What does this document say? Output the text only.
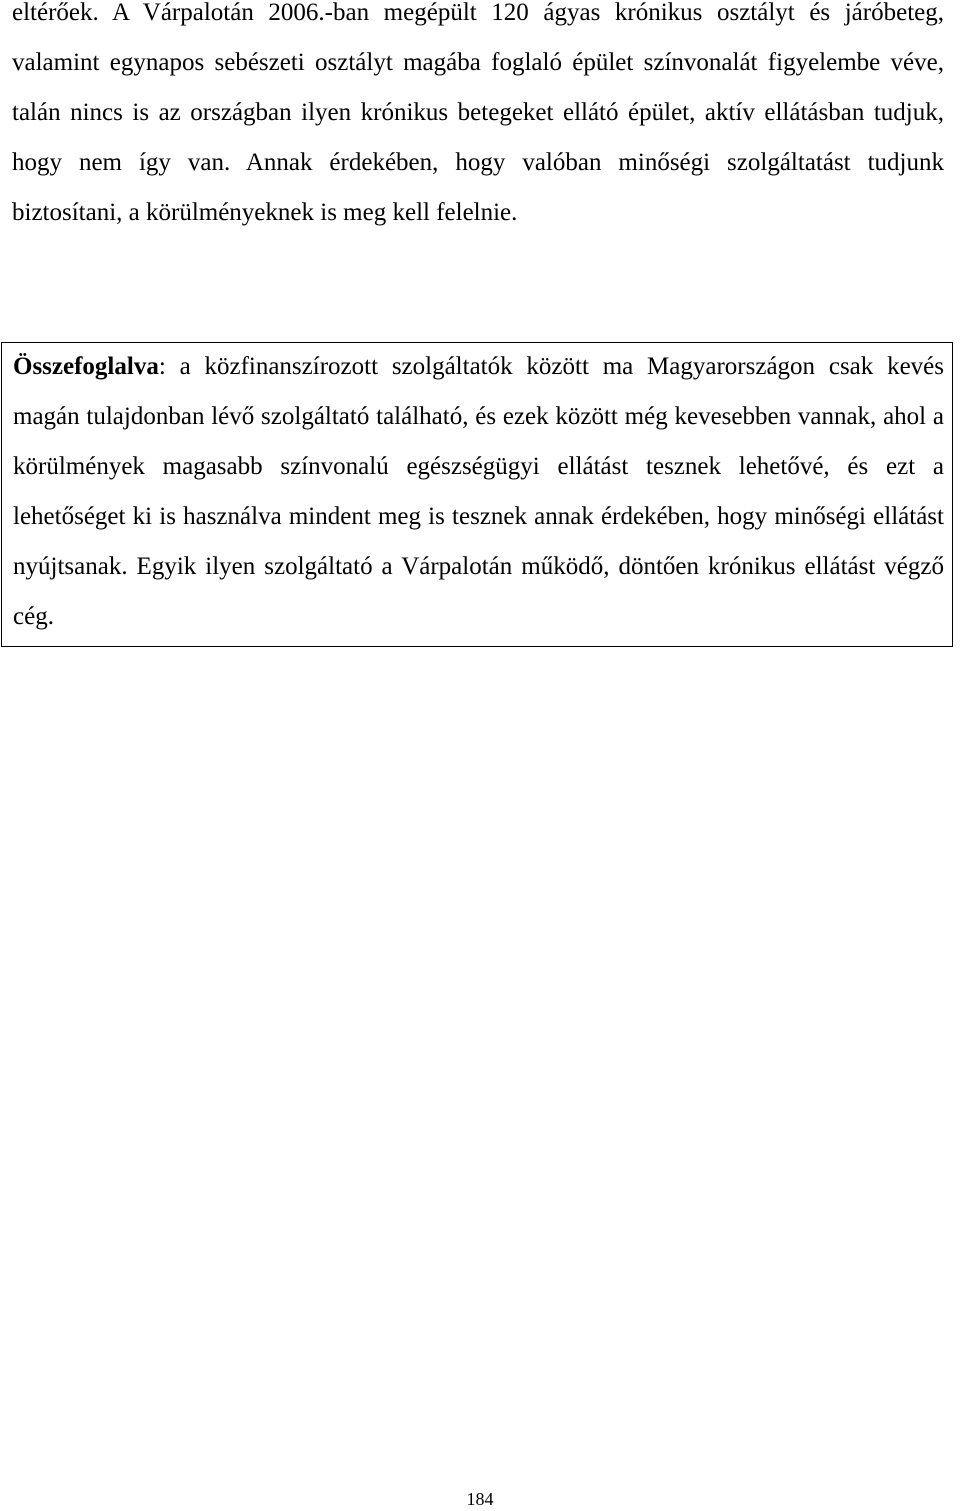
eltérőek. A Várpalotán 2006.-ban megépült 120 ágyas krónikus osztályt és járóbeteg, valamint egynapos sebészeti osztályt magába foglaló épület színvonalát figyelembe véve, talán nincs is az országban ilyen krónikus betegeket ellátó épület, aktív ellátásban tudjuk, hogy nem így van. Annak érdekében, hogy valóban minőségi szolgáltatást tudjunk biztosítani, a körülményeknek is meg kell felelnie.

Összefoglalva: a közfinanszírozott szolgáltatók között ma Magyarországon csak kevés magán tulajdonban lévő szolgáltató található, és ezek között még kevesebben vannak, ahol a körülmények magasabb színvonalú egészségügyi ellátást tesznek lehetővé, és ezt a lehetőséget ki is használva mindent meg is tesznek annak érdekében, hogy minőségi ellátást nyújtsanak. Egyik ilyen szolgáltató a Várpalotán működő, döntően krónikus ellátást végző cég.

184
